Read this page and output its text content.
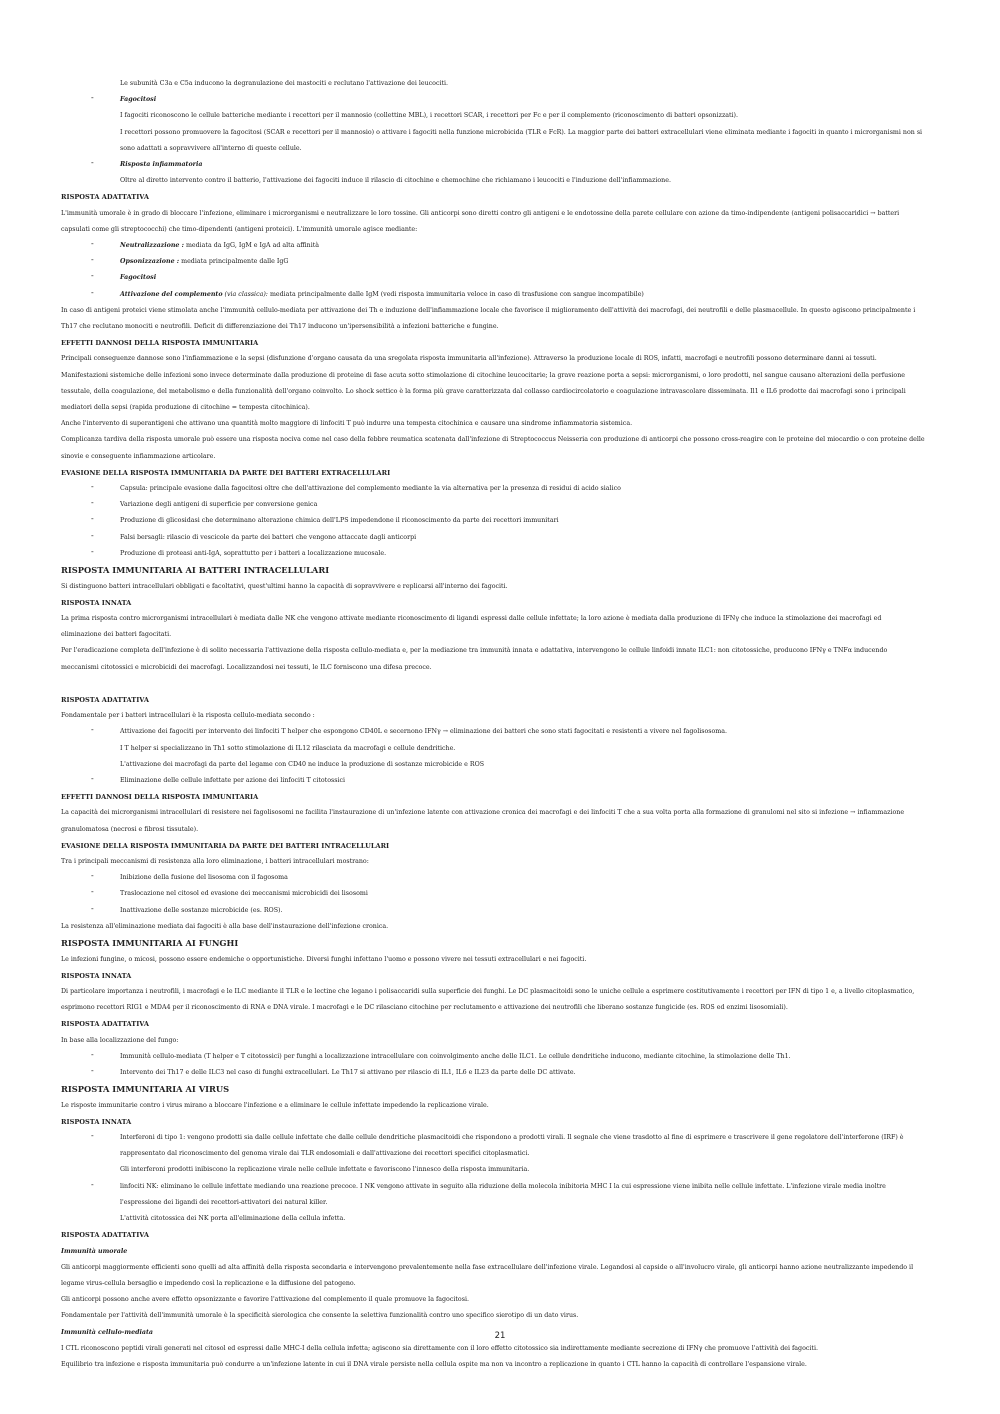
Le subunità C3a e C5a inducono la degranulazione dei mastociti e reclutano l'attivazione dei leucociti.
- Fagocitosi
I fagociti riconoscono le cellule batteriche mediante i recettori per il mannosio (collettine MBL), i recettori SCAR, i recettori per Fc e per il complemento (riconoscimento di batteri opsonizzati).
I recettori possono promuovere la fagocitosi (SCAR e recettori per il mannosio) o attivare i fagociti nella funzione microbicida (TLR e FcR). La maggior parte dei batteri extracellulari viene eliminata mediante i fagociti in quanto i microrganismi non si
sono adattati a sopravvivere all'interno di queste cellule.
- Risposta infiammatoria
Oltre al diretto intervento contro il batterio, l'attivazione dei fagociti induce il rilascio di citochine e chemochine che richiamano i leucociti e l'induzione dell'infiammazione.
RISPOSTA ADATTATIVA
L'immunità umorale è in grado di bloccare l'infezione, eliminare i microrganismi e neutralizzare le loro tossine. Gli anticorpi sono diretti contro gli antigeni e le endotossine della parete cellulare con azione da timo-indipendente (antigeni polisaccaridici → batteri
capsulati come gli streptococchi) che timo-dipendenti (antigeni proteici). L'immunità umorale agisce mediante:
- Neutralizzazione : mediata da IgG, IgM e IgA ad alta affinità
- Opsonizzazione : mediata principalmente dalle IgG
- Fagocitosi
- Attivazione del complemento (via classica): mediata principalmente dalle IgM (vedi risposta immunitaria veloce in caso di trasfusione con sangue incompatibile)
In caso di antigeni proteici viene stimolata anche l'immunità cellulo-mediata per attivazione dei Th e induzione dell'infiammazione locale che favorisce il miglioramento dell'attività dei macrofagi, dei neutrofili e delle plasmacellule. In questo agiscono principalmente i
Th17 che reclutano monociti e neutrofili. Deficit di differenziazione dei Th17 inducono un'ipersensibilità a infezioni batteriche e fungine.
EFFETTI DANNOSI DELLA RISPOSTA IMMUNITARIA
Principali conseguenze dannose sono l'infiammazione e la sepsi (disfunzione d'organo causata da una sregolata risposta immunitaria all'infezione). Attraverso la produzione locale di ROS, infatti, macrofagi e neutrofili possono determinare danni ai tessuti.
Manifestazioni sistemiche delle infezioni sono invece determinate dalla produzione di proteine di fase acuta sotto stimolazione di citochine leucocitarie; la grave reazione porta a sepsi: microrganismi, o loro prodotti, nel sangue causano alterazioni della perfusione
tessutale, della coagulazione, del metabolismo e della funzionalità dell'organo coinvolto. Lo shock settico è la forma più grave caratterizzata dal collasso cardiocircolatorio e coagulazione intravascolare disseminata. Il1 e IL6 prodotte dai macrofagi sono i principali
mediatori della sepsi (rapida produzione di citochine = tempesta citochinica).
Anche l'intervento di superantigeni che attivano una quantità molto maggiore di linfociti T può indurre una tempesta citochinica e causare una sindrome infiammatoria sistemica.
Complicanza tardiva della risposta umorale può essere una risposta nociva come nel caso della febbre reumatica scatenata dall'infezione di Streptococcus Neisseria con produzione di anticorpi che possono cross-reagire con le proteine del miocardio o con proteine delle
sinovie e conseguente infiammazione articolare.
EVASIONE DELLA RISPOSTA IMMUNITARIA DA PARTE DEI BATTERI EXTRACELLULARI
- Capsula: principale evasione dalla fagocitosi oltre che dell'attivazione del complemento mediante la via alternativa per la presenza di residui di acido sialico
- Variazione degli antigeni di superficie per conversione genica
- Produzione di glicosidasi che determinano alterazione chimica dell'LPS impedendone il riconoscimento da parte dei recettori immunitari
- Falsi bersagli: rilascio di vescicole da parte dei batteri che vengono attaccate dagli anticorpi
- Produzione di proteasi anti-IgA, soprattutto per i batteri a localizzazione mucosale.
RISPOSTA IMMUNITARIA AI BATTERI INTRACELLULARI
Si distinguono batteri intracellulari obbligati e facoltativi, quest'ultimi hanno la capacità di sopravvivere e replicarsi all'interno dei fagociti.
RISPOSTA INNATA
La prima risposta contro microrganismi intracellulari è mediata dalle NK che vengono attivate mediante riconoscimento di ligandi espressi dalle cellule infettate; la loro azione è mediata dalla produzione di IFNγ che induce la stimolazione dei macrofagi ed
eliminazione dei batteri fagocitati.
Per l'eradicazione completa dell'infezione è di solito necessaria l'attivazione della risposta cellulo-mediata e, per la mediazione tra immunità innata e adattativa, intervengono le cellule linfoidi innate ILC1: non citotossiche, producono IFNγ e TNFα inducendo
meccanismi citotossici e microbicidi dei macrofagi. Localizzandosi nei tessuti, le ILC forniscono una difesa precoce.
RISPOSTA ADATTATIVA
Fondamentale per i batteri intracellulari è la risposta cellulo-mediata secondo :
- Attivazione dei fagociti per intervento dei linfociti T helper che espongono CD40L e secernono IFNγ → eliminazione dei batteri che sono stati fagocitati e resistenti a vivere nel fagolisosoma.
I T helper si specializzano in Th1 sotto stimolazione di IL12 rilasciata da macrofagi e cellule dendritiche.
L'attivazione dei macrofagi da parte del legame con CD40 ne induce la produzione di sostanze microbicide e ROS
- Eliminazione delle cellule infettate per azione dei linfociti T citotossici
EFFETTI DANNOSI DELLA RISPOSTA IMMUNITARIA
La capacità dei microrganismi intracellulari di resistere nei fagolisosomi ne facilita l'instaurazione di un'infezione latente con attivazione cronica dei macrofagi e dei linfociti T che a sua volta porta alla formazione di granulomi nel sito si infezione → infiammazione
granulomatosa (necrosi e fibrosi tissutale).
EVASIONE DELLA RISPOSTA IMMUNITARIA DA PARTE DEI BATTERI INTRACELLULARI
Tra i principali meccanismi di resistenza alla loro eliminazione, i batteri intracellulari mostrano:
- Inibizione della fusione del lisosoma con il fagosoma
- Traslocazione nel citosol ed evasione dei meccanismi microbicidi dei lisosomi
- Inattivazione delle sostanze microbicide (es. ROS).
La resistenza all'eliminazione mediata dai fagociti è alla base dell'instaurazione dell'infezione cronica.
RISPOSTA IMMUNITARIA AI FUNGHI
Le infezioni fungine, o micosi, possono essere endemiche o opportunistiche. Diversi funghi infettano l'uomo e possono vivere nei tessuti extracellulari e nei fagociti.
RISPOSTA INNATA
Di particolare importanza i neutrofili, i macrofagi e le ILC mediante il TLR e le lectine che legano i polisaccaridi sulla superficie dei funghi. Le DC plasmacitoidi sono le uniche cellule a esprimere costitutivamente i recettori per IFN di tipo 1 e, a livello citoplasmatico,
esprimono recettori RIG1 e MDA4 per il riconoscimento di RNA e DNA virale. I macrofagi e le DC rilasciano citochine per reclutamento e attivazione dei neutrofili che liberano sostanze fungicide (es. ROS ed enzimi lisosomiali).
RISPOSTA ADATTATIVA
In base alla localizzazione del fungo:
- Immunità cellulo-mediata (T helper e T citotossici) per funghi a localizzazione intracellulare con coinvolgimento anche delle ILC1. Le cellule dendritiche inducono, mediante citochine, la stimolazione delle Th1.
- Intervento dei Th17 e delle ILC3 nel caso di funghi extracellulari. Le Th17 si attivano per rilascio di IL1, IL6 e IL23 da parte delle DC attivate.
RISPOSTA IMMUNITARIA AI VIRUS
Le risposte immunitarie contro i virus mirano a bloccare l'infezione e a eliminare le cellule infettate impedendo la replicazione virale.
RISPOSTA INNATA
- Interferoni di tipo 1: vengono prodotti sia dalle cellule infettate che dalle cellule dendritiche plasmacitoidi che rispondono a prodotti virali. Il segnale che viene trasdotto al fine di esprimere e trascrivere il gene regolatore dell'interferone (IRF) è
rappresentato dal riconoscimento del genoma virale dai TLR endosomiali e dall'attivazione dei recettori specifici citoplasmatici.
Gli interferoni prodotti inibiscono la replicazione virale nelle cellule infettate e favoriscono l'innesco della risposta immunitaria.
- linfociti NK: eliminano le cellule infettate mediando una reazione precoce. I NK vengono attivate in seguito alla riduzione della molecola inibitoria MHC I la cui espressione viene inibita nelle cellule infettate. L'infezione virale media inoltre
l'espressione dei ligandi dei recettori-attivatori dei natural killer.
L'attività citotossica dei NK porta all'eliminazione della cellula infetta.
RISPOSTA ADATTATIVA
Immunità umorale
Gli anticorpi maggiormente efficienti sono quelli ad alta affinità della risposta secondaria e intervengono prevalentemente nella fase extracellulare dell'infezione virale. Legandosi al capside o all'involucro virale, gli anticorpi hanno azione neutralizzante impedendo il
legame virus-cellula bersaglio e impedendo così la replicazione e la diffusione del patogeno.
Gli anticorpi possono anche avere effetto opsonizzante e favorire l'attivazione del complemento il quale promuove la fagocitosi.
Fondamentale per l'attività dell'immunità umorale è la specificità sierologica che consente la selettiva funzionalità contro uno specifico sierotipo di un dato virus.
Immunità cellulo-mediata
I CTL riconoscono peptidi virali generati nel citosol ed espressi dalle MHC-I della cellula infetta; agiscono sia direttamente con il loro effetto citotossico sia indirettamente mediante secrezione di IFNγ che promuove l'attività dei fagociti.
Equilibrio tra infezione e risposta immunitaria può condurre a un'infezione latente in cui il DNA virale persiste nella cellula ospite ma non va incontro a replicazione in quanto i CTL hanno la capacità di controllare l'espansione virale.
21
